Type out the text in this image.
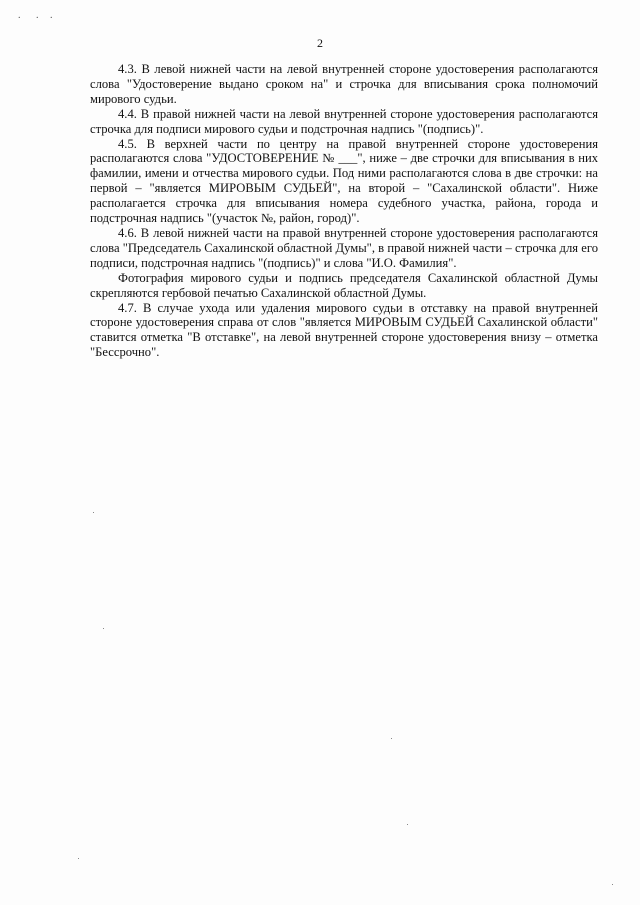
. . .
2

4.3. В левой нижней части на левой внутренней стороне удостоверения располагаются слова "Удостоверение выдано сроком на" и строчка для вписывания срока полномочий мирового судьи.

4.4. В правой нижней части на левой внутренней стороне удостоверения располагаются строчка для подписи мирового судьи и подстрочная надпись "(подпись)".

4.5. В верхней части по центру на правой внутренней стороне удостоверения располагаются слова "УДОСТОВЕРЕНИЕ № ___", ниже – две строчки для вписывания в них фамилии, имени и отчества мирового судьи. Под ними располагаются слова в две строчки: на первой – "является МИРОВЫМ СУДЬЕЙ", на второй – "Сахалинской области". Ниже располагается строчка для вписывания номера судебного участка, района, города и подстрочная надпись "(участок №, район, город)".

4.6. В левой нижней части на правой внутренней стороне удостоверения располагаются слова "Председатель Сахалинской областной Думы", в правой нижней части – строчка для его подписи, подстрочная надпись "(подпись)" и слова "И.О. Фамилия".

Фотография мирового судьи и подпись председателя Сахалинской областной Думы скрепляются гербовой печатью Сахалинской областной Думы.

4.7. В случае ухода или удаления мирового судьи в отставку на правой внутренней стороне удостоверения справа от слов "является МИРОВЫМ СУДЬЕЙ Сахалинской области" ставится отметка "В отставке", на левой внутренней стороне удостоверения внизу – отметка "Бессрочно".
